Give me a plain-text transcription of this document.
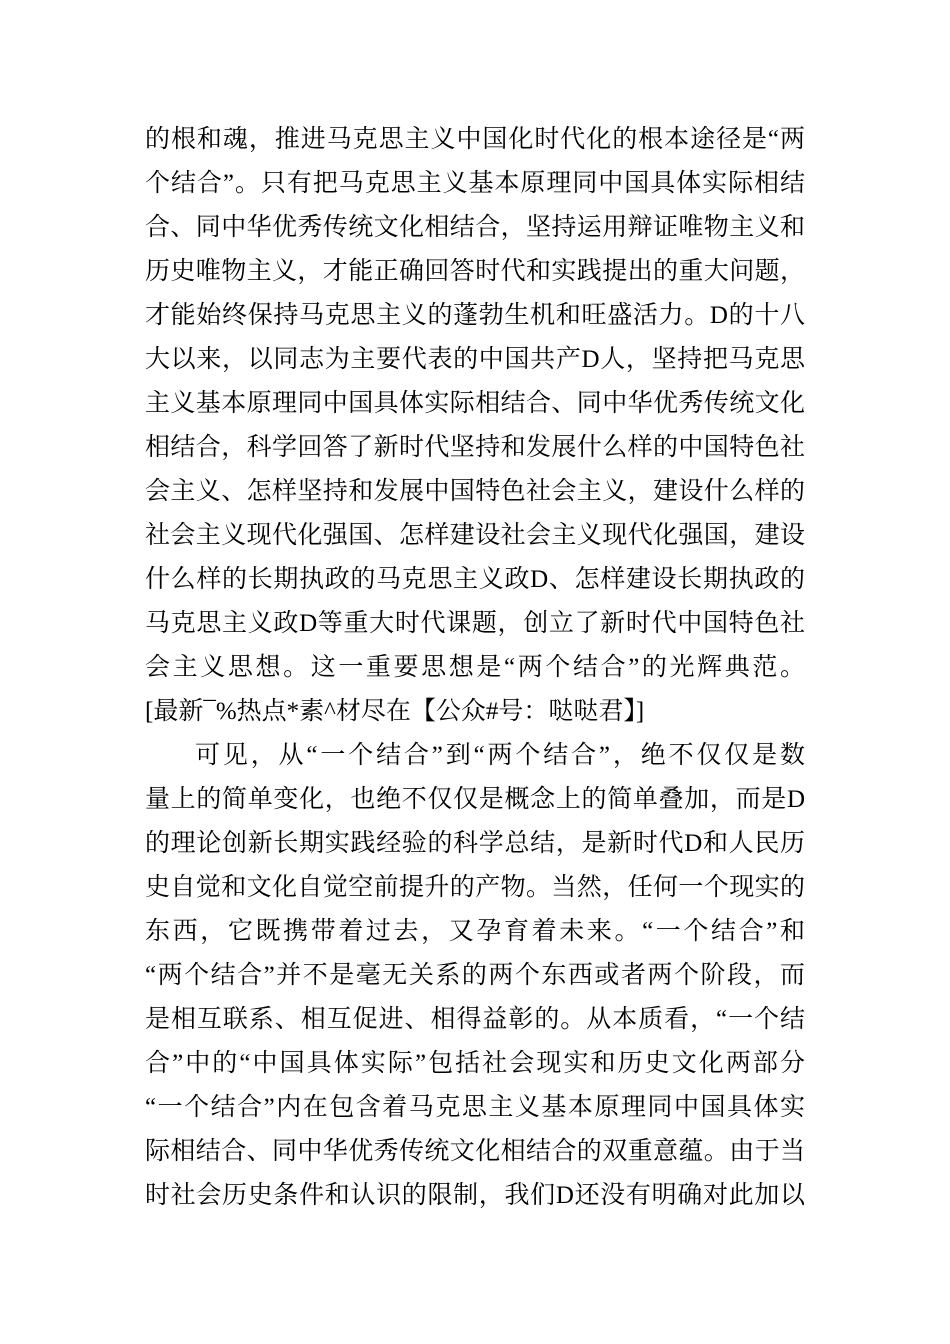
的根和魂，推进马克思主义中国化时代化的根本途径是“两
个结合”。只有把马克思主义基本原理同中国具体实际相结
合、同中华优秀传统文化相结合，坚持运用辩证唯物主义和
历史唯物主义，才能正确回答时代和实践提出的重大问题，
才能始终保持马克思主义的蓬勃生机和旺盛活力。D的十八
大以来，以同志为主要代表的中国共产D人，坚持把马克思
主义基本原理同中国具体实际相结合、同中华优秀传统文化
相结合，科学回答了新时代坚持和发展什么样的中国特色社
会主义、怎样坚持和发展中国特色社会主义，建设什么样的
社会主义现代化强国、怎样建设社会主义现代化强国，建设
什么样的长期执政的马克思主义政D、怎样建设长期执政的
马克思主义政D等重大时代课题，创立了新时代中国特色社
会主义思想。这一重要思想是“两个结合”的光辉典范。
[最新¯%热点*素^材尽在【公众#号：哒哒君】]
可见，从“一个结合”到“两个结合”，绝不仅仅是数
量上的简单变化，也绝不仅仅是概念上的简单叠加，而是D
的理论创新长期实践经验的科学总结，是新时代D和人民历
史自觉和文化自觉空前提升的产物。当然，任何一个现实的
东西，它既携带着过去，又孕育着未来。“一个结合”和
“两个结合”并不是毫无关系的两个东西或者两个阶段，而
是相互联系、相互促进、相得益彰的。从本质看，“一个结
合”中的“中国具体实际”包括社会现实和历史文化两部分
“一个结合”内在包含着马克思主义基本原理同中国具体实
际相结合、同中华优秀传统文化相结合的双重意蕴。由于当
时社会历史条件和认识的限制，我们D还没有明确对此加以
